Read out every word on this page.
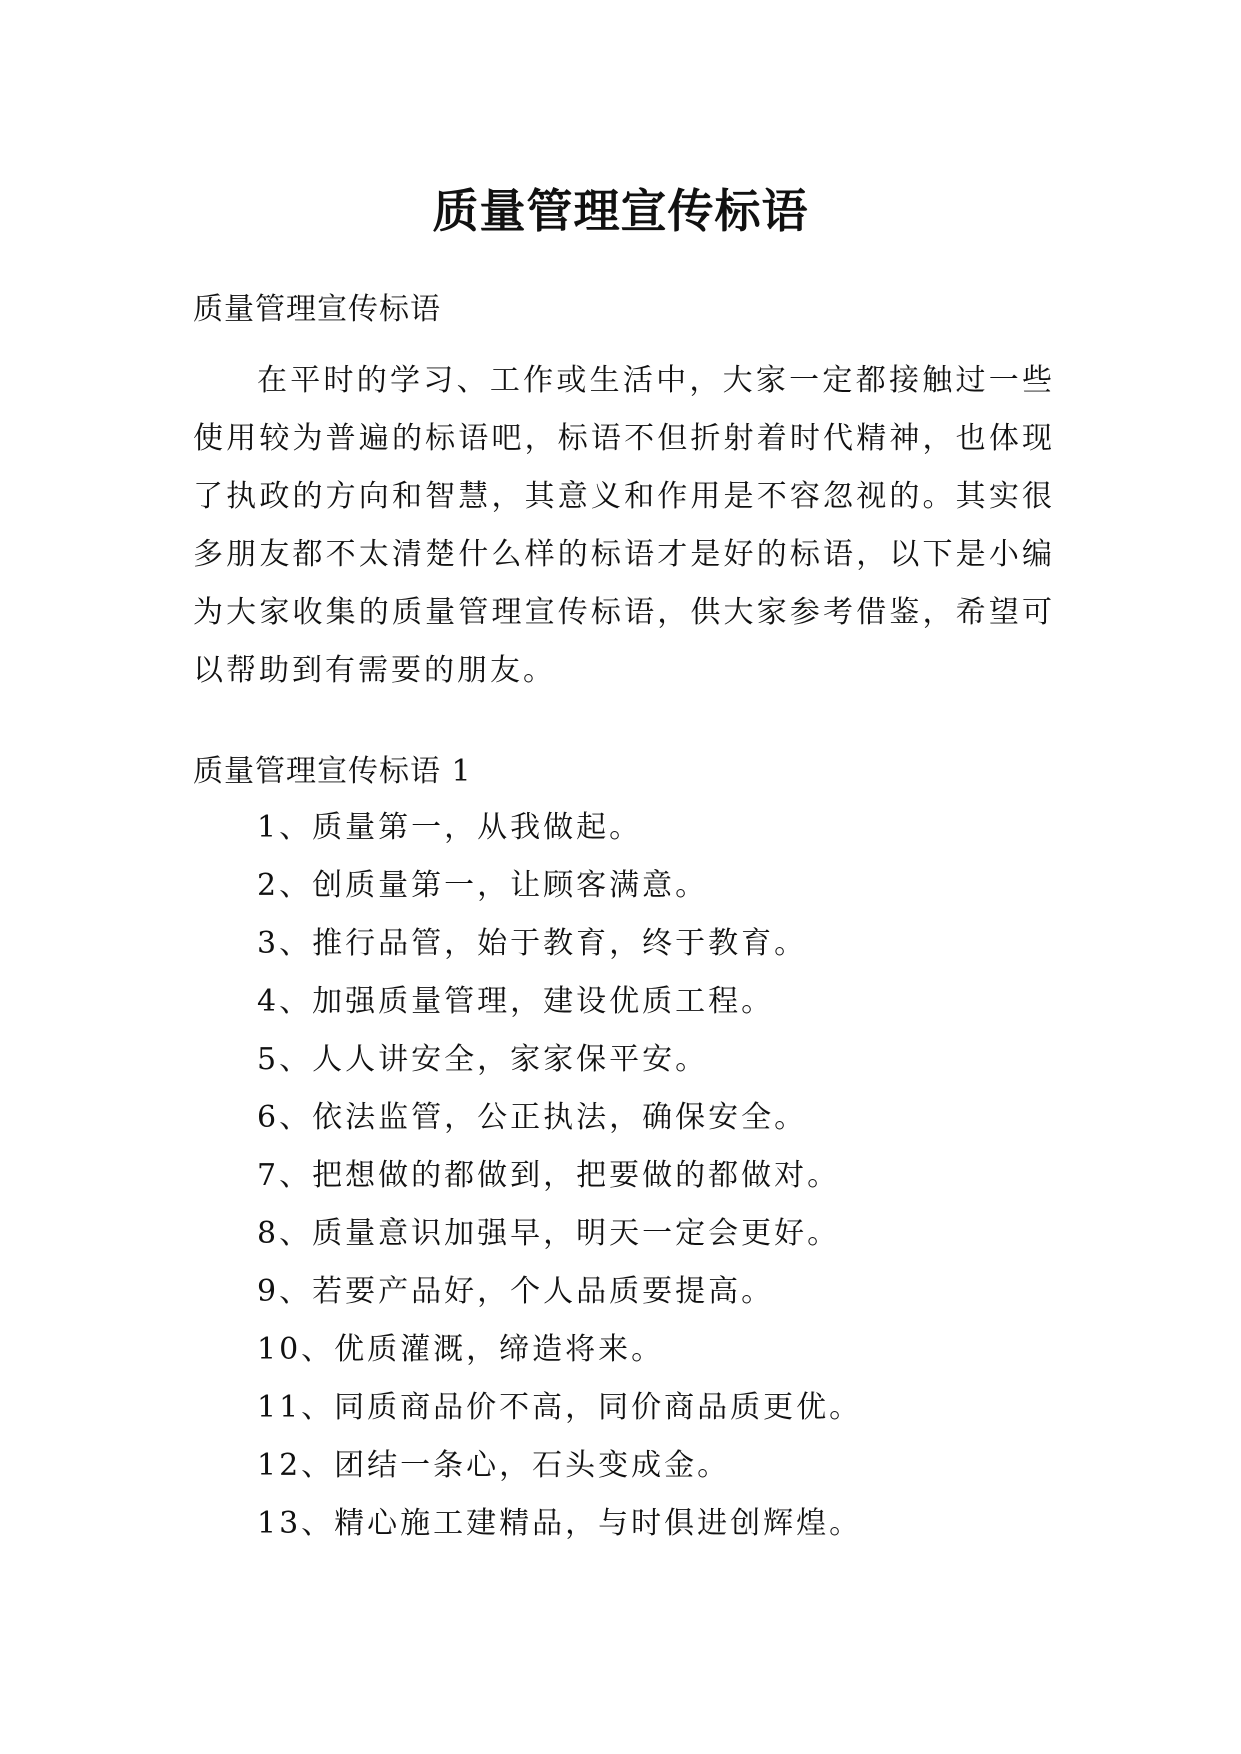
质量管理宣传标语
质量管理宣传标语

在平时的学习、工作或生活中，大家一定都接触过一些使用较为普遍的标语吧，标语不但折射着时代精神，也体现了执政的方向和智慧，其意义和作用是不容忽视的。其实很多朋友都不太清楚什么样的标语才是好的标语，以下是小编为大家收集的质量管理宣传标语，供大家参考借鉴，希望可以帮助到有需要的朋友。

质量管理宣传标语 1
1、质量第一，从我做起。
2、创质量第一，让顾客满意。
3、推行品管，始于教育，终于教育。
4、加强质量管理，建设优质工程。
5、人人讲安全，家家保平安。
6、依法监管，公正执法，确保安全。
7、把想做的都做到，把要做的都做对。
8、质量意识加强早，明天一定会更好。
9、若要产品好，个人品质要提高。
10、优质灌溉，缔造将来。
11、同质商品价不高，同价商品质更优。
12、团结一条心，石头变成金。
13、精心施工建精品，与时俱进创辉煌。
